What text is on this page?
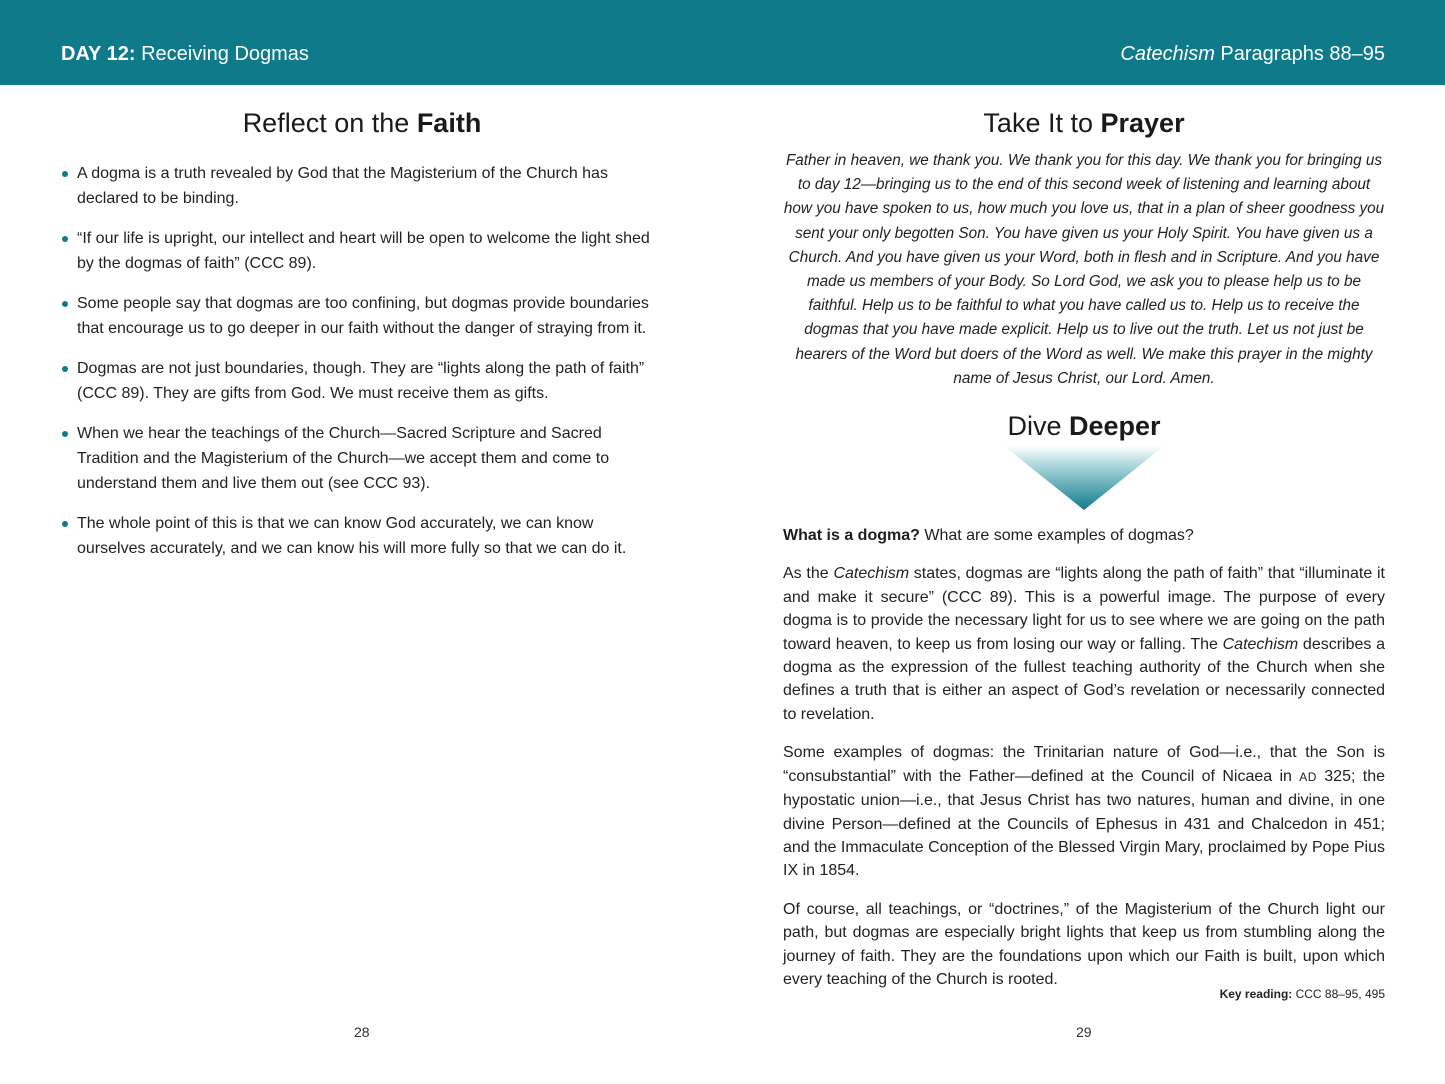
DAY 12: Receiving Dogmas	Catechism Paragraphs 88–95
Reflect on the Faith
A dogma is a truth revealed by God that the Magisterium of the Church has declared to be binding.
“If our life is upright, our intellect and heart will be open to welcome the light shed by the dogmas of faith” (CCC 89).
Some people say that dogmas are too confining, but dogmas provide boundaries that encourage us to go deeper in our faith without the danger of straying from it.
Dogmas are not just boundaries, though. They are “lights along the path of faith” (CCC 89). They are gifts from God. We must receive them as gifts.
When we hear the teachings of the Church—Sacred Scripture and Sacred Tradition and the Magisterium of the Church—we accept them and come to understand them and live them out (see CCC 93).
The whole point of this is that we can know God accurately, we can know ourselves accurately, and we can know his will more fully so that we can do it.
Take It to Prayer

Father in heaven, we thank you. We thank you for this day. We thank you for bringing us to day 12—bringing us to the end of this second week of listening and learning about how you have spoken to us, how much you love us, that in a plan of sheer goodness you sent your only begotten Son. You have given us your Holy Spirit. You have given us a Church. And you have given us your Word, both in flesh and in Scripture. And you have made us members of your Body. So Lord God, we ask you to please help us to be faithful. Help us to be faithful to what you have called us to. Help us to receive the dogmas that you have made explicit. Help us to live out the truth. Let us not just be hearers of the Word but doers of the Word as well. We make this prayer in the mighty name of Jesus Christ, our Lord. Amen.

Dive Deeper

What is a dogma? What are some examples of dogmas?

As the Catechism states, dogmas are “lights along the path of faith” that “illuminate it and make it secure” (CCC 89). This is a powerful image. The purpose of every dogma is to provide the necessary light for us to see where we are going on the path toward heaven, to keep us from losing our way or falling. The Catechism describes a dogma as the expression of the fullest teaching authority of the Church when she defines a truth that is either an aspect of God’s revelation or necessarily connected to revelation.

Some examples of dogmas: the Trinitarian nature of God—i.e., that the Son is “consubstantial” with the Father—defined at the Council of Nicaea in AD 325; the hypostatic union—i.e., that Jesus Christ has two natures, human and divine, in one divine Person—defined at the Councils of Ephesus in 431 and Chalcedon in 451; and the Immaculate Conception of the Blessed Virgin Mary, proclaimed by Pope Pius IX in 1854.

Of course, all teachings, or “doctrines,” of the Magisterium of the Church light our path, but dogmas are especially bright lights that keep us from stumbling along the journey of faith. They are the foundations upon which our Faith is built, upon which every teaching of the Church is rooted.

Key reading: CCC 88–95, 495
28	29
